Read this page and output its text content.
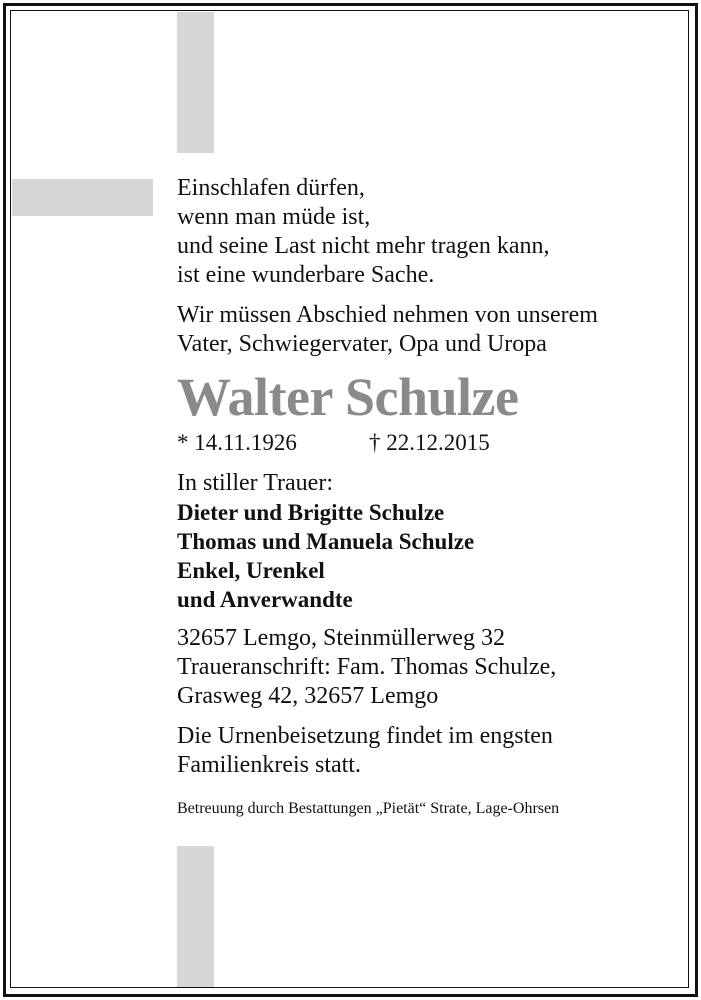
Einschlafen dürfen,
wenn man müde ist,
und seine Last nicht mehr tragen kann,
ist eine wunderbare Sache.

Wir müssen Abschied nehmen von unserem
Vater, Schwiegervater, Opa und Uropa

Walter Schulze
* 14.11.1926	† 22.12.2015
In stiller Trauer:
Dieter und Brigitte Schulze
Thomas und Manuela Schulze
Enkel, Urenkel
und Anverwandte

32657 Lemgo, Steinmüllerweg 32
Traueranschrift: Fam. Thomas Schulze,
Grasweg 42, 32657 Lemgo

Die Urnenbeisetzung findet im engsten
Familienkreis statt.

Betreuung durch Bestattungen „Pietät“ Strate, Lage-Ohrsen
